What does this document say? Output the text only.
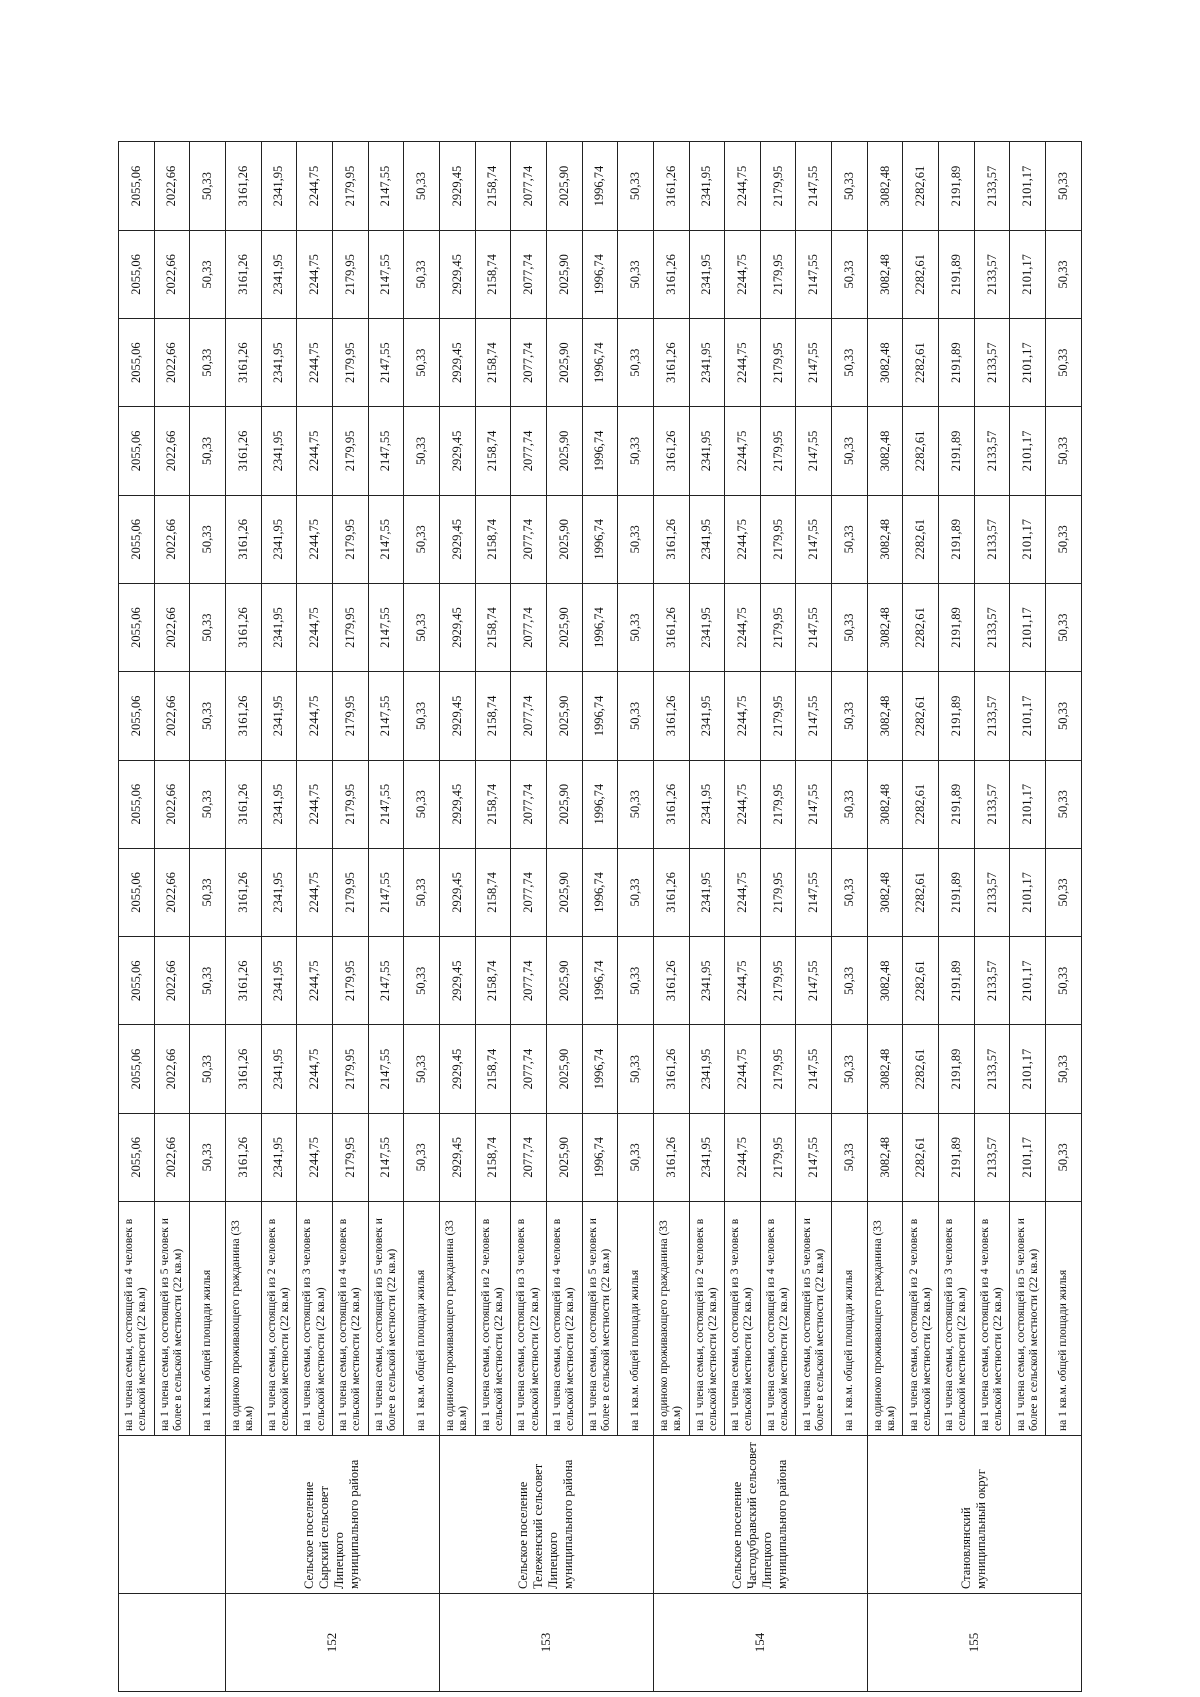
		на 1 члена семьи, состоящей из 4 человек в сельской местности (22 кв.м)	2055,06	2055,06	2055,06	2055,06	2055,06	2055,06	2055,06	2055,06	2055,06	2055,06	2055,06	2055,06
		на 1 члена семьи, состоящей из 5 человек и более в сельской местности (22 кв.м)	2022,66	2022,66	2022,66	2022,66	2022,66	2022,66	2022,66	2022,66	2022,66	2022,66	2022,66	2022,66
		на 1 кв.м. общей площади жилья	50,33	50,33	50,33	50,33	50,33	50,33	50,33	50,33	50,33	50,33	50,33	50,33
152	Сельское поселение Сырский сельсовет Липецкого муниципального района	на одиноко проживающего гражданина (33 кв.м)	3161,26	3161,26	3161,26	3161,26	3161,26	3161,26	3161,26	3161,26	3161,26	3161,26	3161,26	3161,26
		на 1 члена семьи, состоящей из 2 человек в сельской местности (22 кв.м)	2341,95	2341,95	2341,95	2341,95	2341,95	2341,95	2341,95	2341,95	2341,95	2341,95	2341,95	2341,95
		на 1 члена семьи, состоящей из 3 человек в сельской местности (22 кв.м)	2244,75	2244,75	2244,75	2244,75	2244,75	2244,75	2244,75	2244,75	2244,75	2244,75	2244,75	2244,75
		на 1 члена семьи, состоящей из 4 человек в сельской местности (22 кв.м)	2179,95	2179,95	2179,95	2179,95	2179,95	2179,95	2179,95	2179,95	2179,95	2179,95	2179,95	2179,95
		на 1 члена семьи, состоящей из 5 человек и более в сельской местности (22 кв.м)	2147,55	2147,55	2147,55	2147,55	2147,55	2147,55	2147,55	2147,55	2147,55	2147,55	2147,55	2147,55
		на 1 кв.м. общей площади жилья	50,33	50,33	50,33	50,33	50,33	50,33	50,33	50,33	50,33	50,33	50,33	50,33
153	Сельское поселение Тележенский сельсовет Липецкого муниципального района	на одиноко проживающего гражданина (33 кв.м)	2929,45	2929,45	2929,45	2929,45	2929,45	2929,45	2929,45	2929,45	2929,45	2929,45	2929,45	2929,45
		на 1 члена семьи, состоящей из 2 человек в сельской местности (22 кв.м)	2158,74	2158,74	2158,74	2158,74	2158,74	2158,74	2158,74	2158,74	2158,74	2158,74	2158,74	2158,74
		на 1 члена семьи, состоящей из 3 человек в сельской местности (22 кв.м)	2077,74	2077,74	2077,74	2077,74	2077,74	2077,74	2077,74	2077,74	2077,74	2077,74	2077,74	2077,74
		на 1 члена семьи, состоящей из 4 человек в сельской местности (22 кв.м)	2025,90	2025,90	2025,90	2025,90	2025,90	2025,90	2025,90	2025,90	2025,90	2025,90	2025,90	2025,90
		на 1 члена семьи, состоящей из 5 человек и более в сельской местности (22 кв.м)	1996,74	1996,74	1996,74	1996,74	1996,74	1996,74	1996,74	1996,74	1996,74	1996,74	1996,74	1996,74
		на 1 кв.м. общей площади жилья	50,33	50,33	50,33	50,33	50,33	50,33	50,33	50,33	50,33	50,33	50,33	50,33
154	Сельское поселение Частодубравский сельсовет Липецкого муниципального района	на одиноко проживающего гражданина (33 кв.м)	3161,26	3161,26	3161,26	3161,26	3161,26	3161,26	3161,26	3161,26	3161,26	3161,26	3161,26	3161,26
		на 1 члена семьи, состоящей из 2 человек в сельской местности (22 кв.м)	2341,95	2341,95	2341,95	2341,95	2341,95	2341,95	2341,95	2341,95	2341,95	2341,95	2341,95	2341,95
		на 1 члена семьи, состоящей из 3 человек в сельской местности (22 кв.м)	2244,75	2244,75	2244,75	2244,75	2244,75	2244,75	2244,75	2244,75	2244,75	2244,75	2244,75	2244,75
		на 1 члена семьи, состоящей из 4 человек в сельской местности (22 кв.м)	2179,95	2179,95	2179,95	2179,95	2179,95	2179,95	2179,95	2179,95	2179,95	2179,95	2179,95	2179,95
		на 1 члена семьи, состоящей из 5 человек и более в сельской местности (22 кв.м)	2147,55	2147,55	2147,55	2147,55	2147,55	2147,55	2147,55	2147,55	2147,55	2147,55	2147,55	2147,55
		на 1 кв.м. общей площади жилья	50,33	50,33	50,33	50,33	50,33	50,33	50,33	50,33	50,33	50,33	50,33	50,33
155	Становлянский муниципальный округ	на одиноко проживающего гражданина (33 кв.м)	3082,48	3082,48	3082,48	3082,48	3082,48	3082,48	3082,48	3082,48	3082,48	3082,48	3082,48	3082,48
		на 1 члена семьи, состоящей из 2 человек в сельской местности (22 кв.м)	2282,61	2282,61	2282,61	2282,61	2282,61	2282,61	2282,61	2282,61	2282,61	2282,61	2282,61	2282,61
		на 1 члена семьи, состоящей из 3 человек в сельской местности (22 кв.м)	2191,89	2191,89	2191,89	2191,89	2191,89	2191,89	2191,89	2191,89	2191,89	2191,89	2191,89	2191,89
		на 1 члена семьи, состоящей из 4 человек в сельской местности (22 кв.м)	2133,57	2133,57	2133,57	2133,57	2133,57	2133,57	2133,57	2133,57	2133,57	2133,57	2133,57	2133,57
		на 1 члена семьи, состоящей из 5 человек и более в сельской местности (22 кв.м)	2101,17	2101,17	2101,17	2101,17	2101,17	2101,17	2101,17	2101,17	2101,17	2101,17	2101,17	2101,17
		на 1 кв.м. общей площади жилья	50,33	50,33	50,33	50,33	50,33	50,33	50,33	50,33	50,33	50,33	50,33	50,33
